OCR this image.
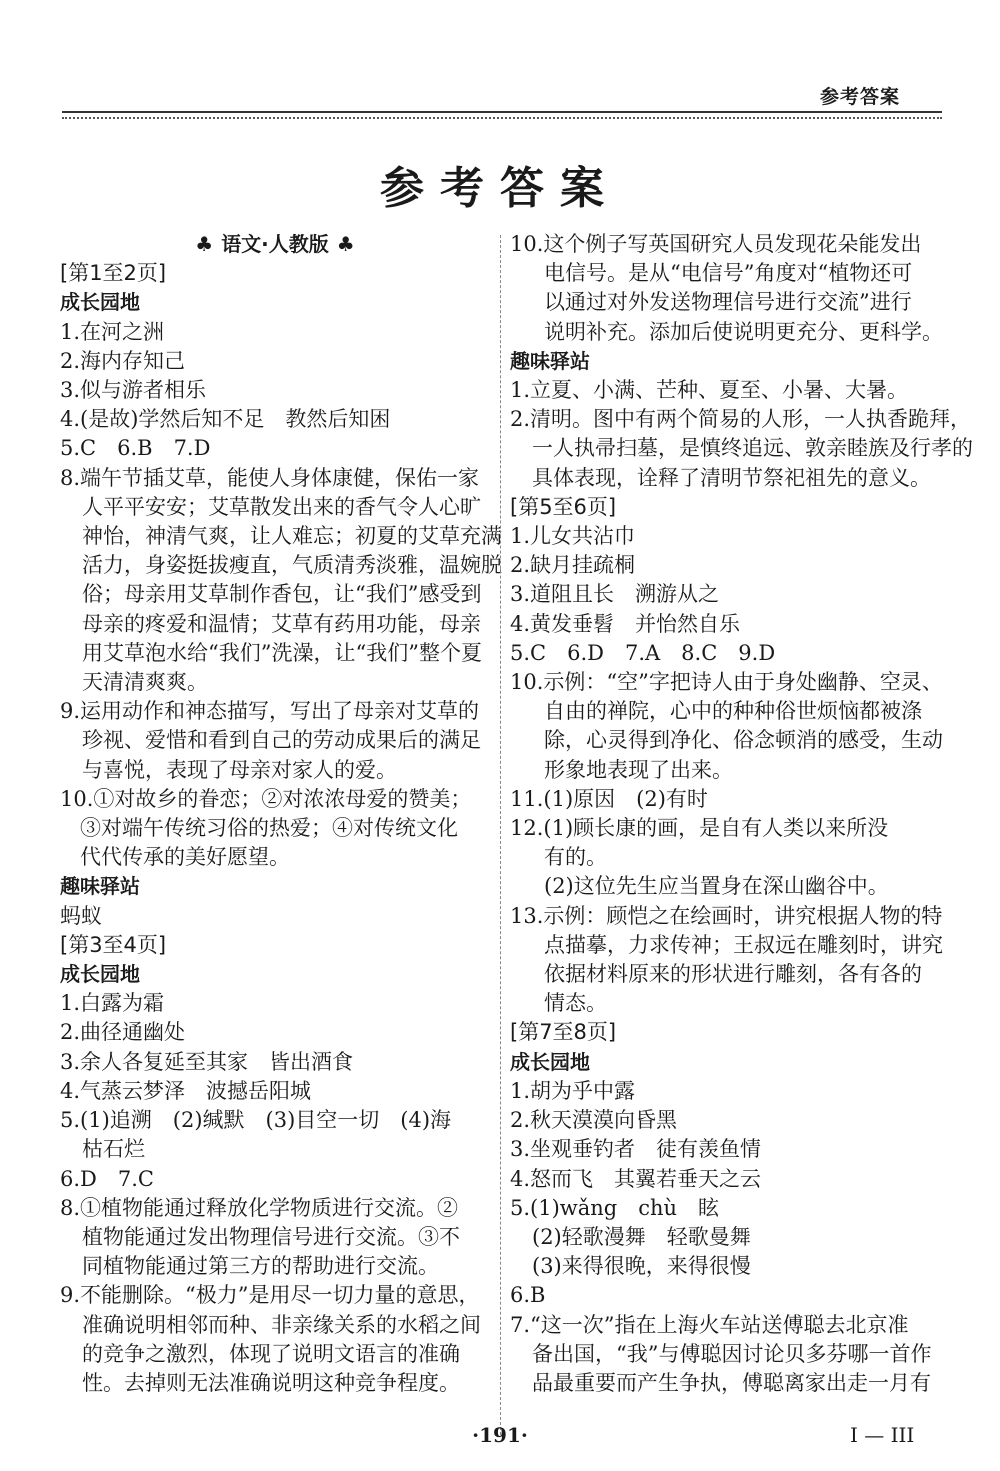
参考答案
参考答案
♣ 语文·人教版 ♣
[第1至2页]
成长园地
1.在河之洲
2.海内存知己
3.似与游者相乐
4.(是故)学然后知不足　教然后知困
5.C　6.B　7.D
8.端午节插艾草，能使人身体康健，保佑一家
人平平安安；艾草散发出来的香气令人心旷
神怡，神清气爽，让人难忘；初夏的艾草充满
活力，身姿挺拔瘦直，气质清秀淡雅，温婉脱
俗；母亲用艾草制作香包，让“我们”感受到
母亲的疼爱和温情；艾草有药用功能，母亲
用艾草泡水给“我们”洗澡，让“我们”整个夏
天清清爽爽。
9.运用动作和神态描写，写出了母亲对艾草的
珍视、爱惜和看到自己的劳动成果后的满足
与喜悦，表现了母亲对家人的爱。
10.①对故乡的眷恋；②对浓浓母爱的赞美；
③对端午传统习俗的热爱；④对传统文化
代代传承的美好愿望。
趣味驿站
蚂蚁
[第3至4页]
成长园地
1.白露为霜
2.曲径通幽处
3.余人各复延至其家　皆出酒食
4.气蒸云梦泽　波撼岳阳城
5.(1)追溯　(2)缄默　(3)目空一切　(4)海
枯石烂
6.D　7.C
8.①植物能通过释放化学物质进行交流。②
植物能通过发出物理信号进行交流。③不
同植物能通过第三方的帮助进行交流。
9.不能删除。“极力”是用尽一切力量的意思，
准确说明相邻而种、非亲缘关系的水稻之间
的竞争之激烈，体现了说明文语言的准确
性。去掉则无法准确说明这种竞争程度。
10.这个例子写英国研究人员发现花朵能发出
电信号。是从“电信号”角度对“植物还可
以通过对外发送物理信号进行交流”进行
说明补充。添加后使说明更充分、更科学。
趣味驿站
1.立夏、小满、芒种、夏至、小暑、大暑。
2.清明。图中有两个简易的人形，一人执香跪拜，
一人执帚扫墓，是慎终追远、敦亲睦族及行孝的
具体表现，诠释了清明节祭祀祖先的意义。
[第5至6页]
1.儿女共沾巾
2.缺月挂疏桐
3.道阻且长　溯游从之
4.黄发垂髫　并怡然自乐
5.C　6.D　7.A　8.C　9.D
10.示例：“空”字把诗人由于身处幽静、空灵、
自由的禅院，心中的种种俗世烦恼都被涤
除，心灵得到净化、俗念顿消的感受，生动
形象地表现了出来。
11.(1)原因　(2)有时
12.(1)顾长康的画，是自有人类以来所没
有的。
(2)这位先生应当置身在深山幽谷中。
13.示例：顾恺之在绘画时，讲究根据人物的特
点描摹，力求传神；王叔远在雕刻时，讲究
依据材料原来的形状进行雕刻，各有各的
情态。
[第7至8页]
成长园地
1.胡为乎中露
2.秋天漠漠向昏黑
3.坐观垂钓者　徒有羡鱼情
4.怒而飞　其翼若垂天之云
5.(1)wǎng　chù　眩
(2)轻歌漫舞　轻歌曼舞
(3)来得很晚，来得很慢
6.B
7.“这一次”指在上海火车站送傅聪去北京准
备出国，“我”与傅聪因讨论贝多芬哪一首作
品最重要而产生争执，傅聪离家出走一月有
·191·	I — III
